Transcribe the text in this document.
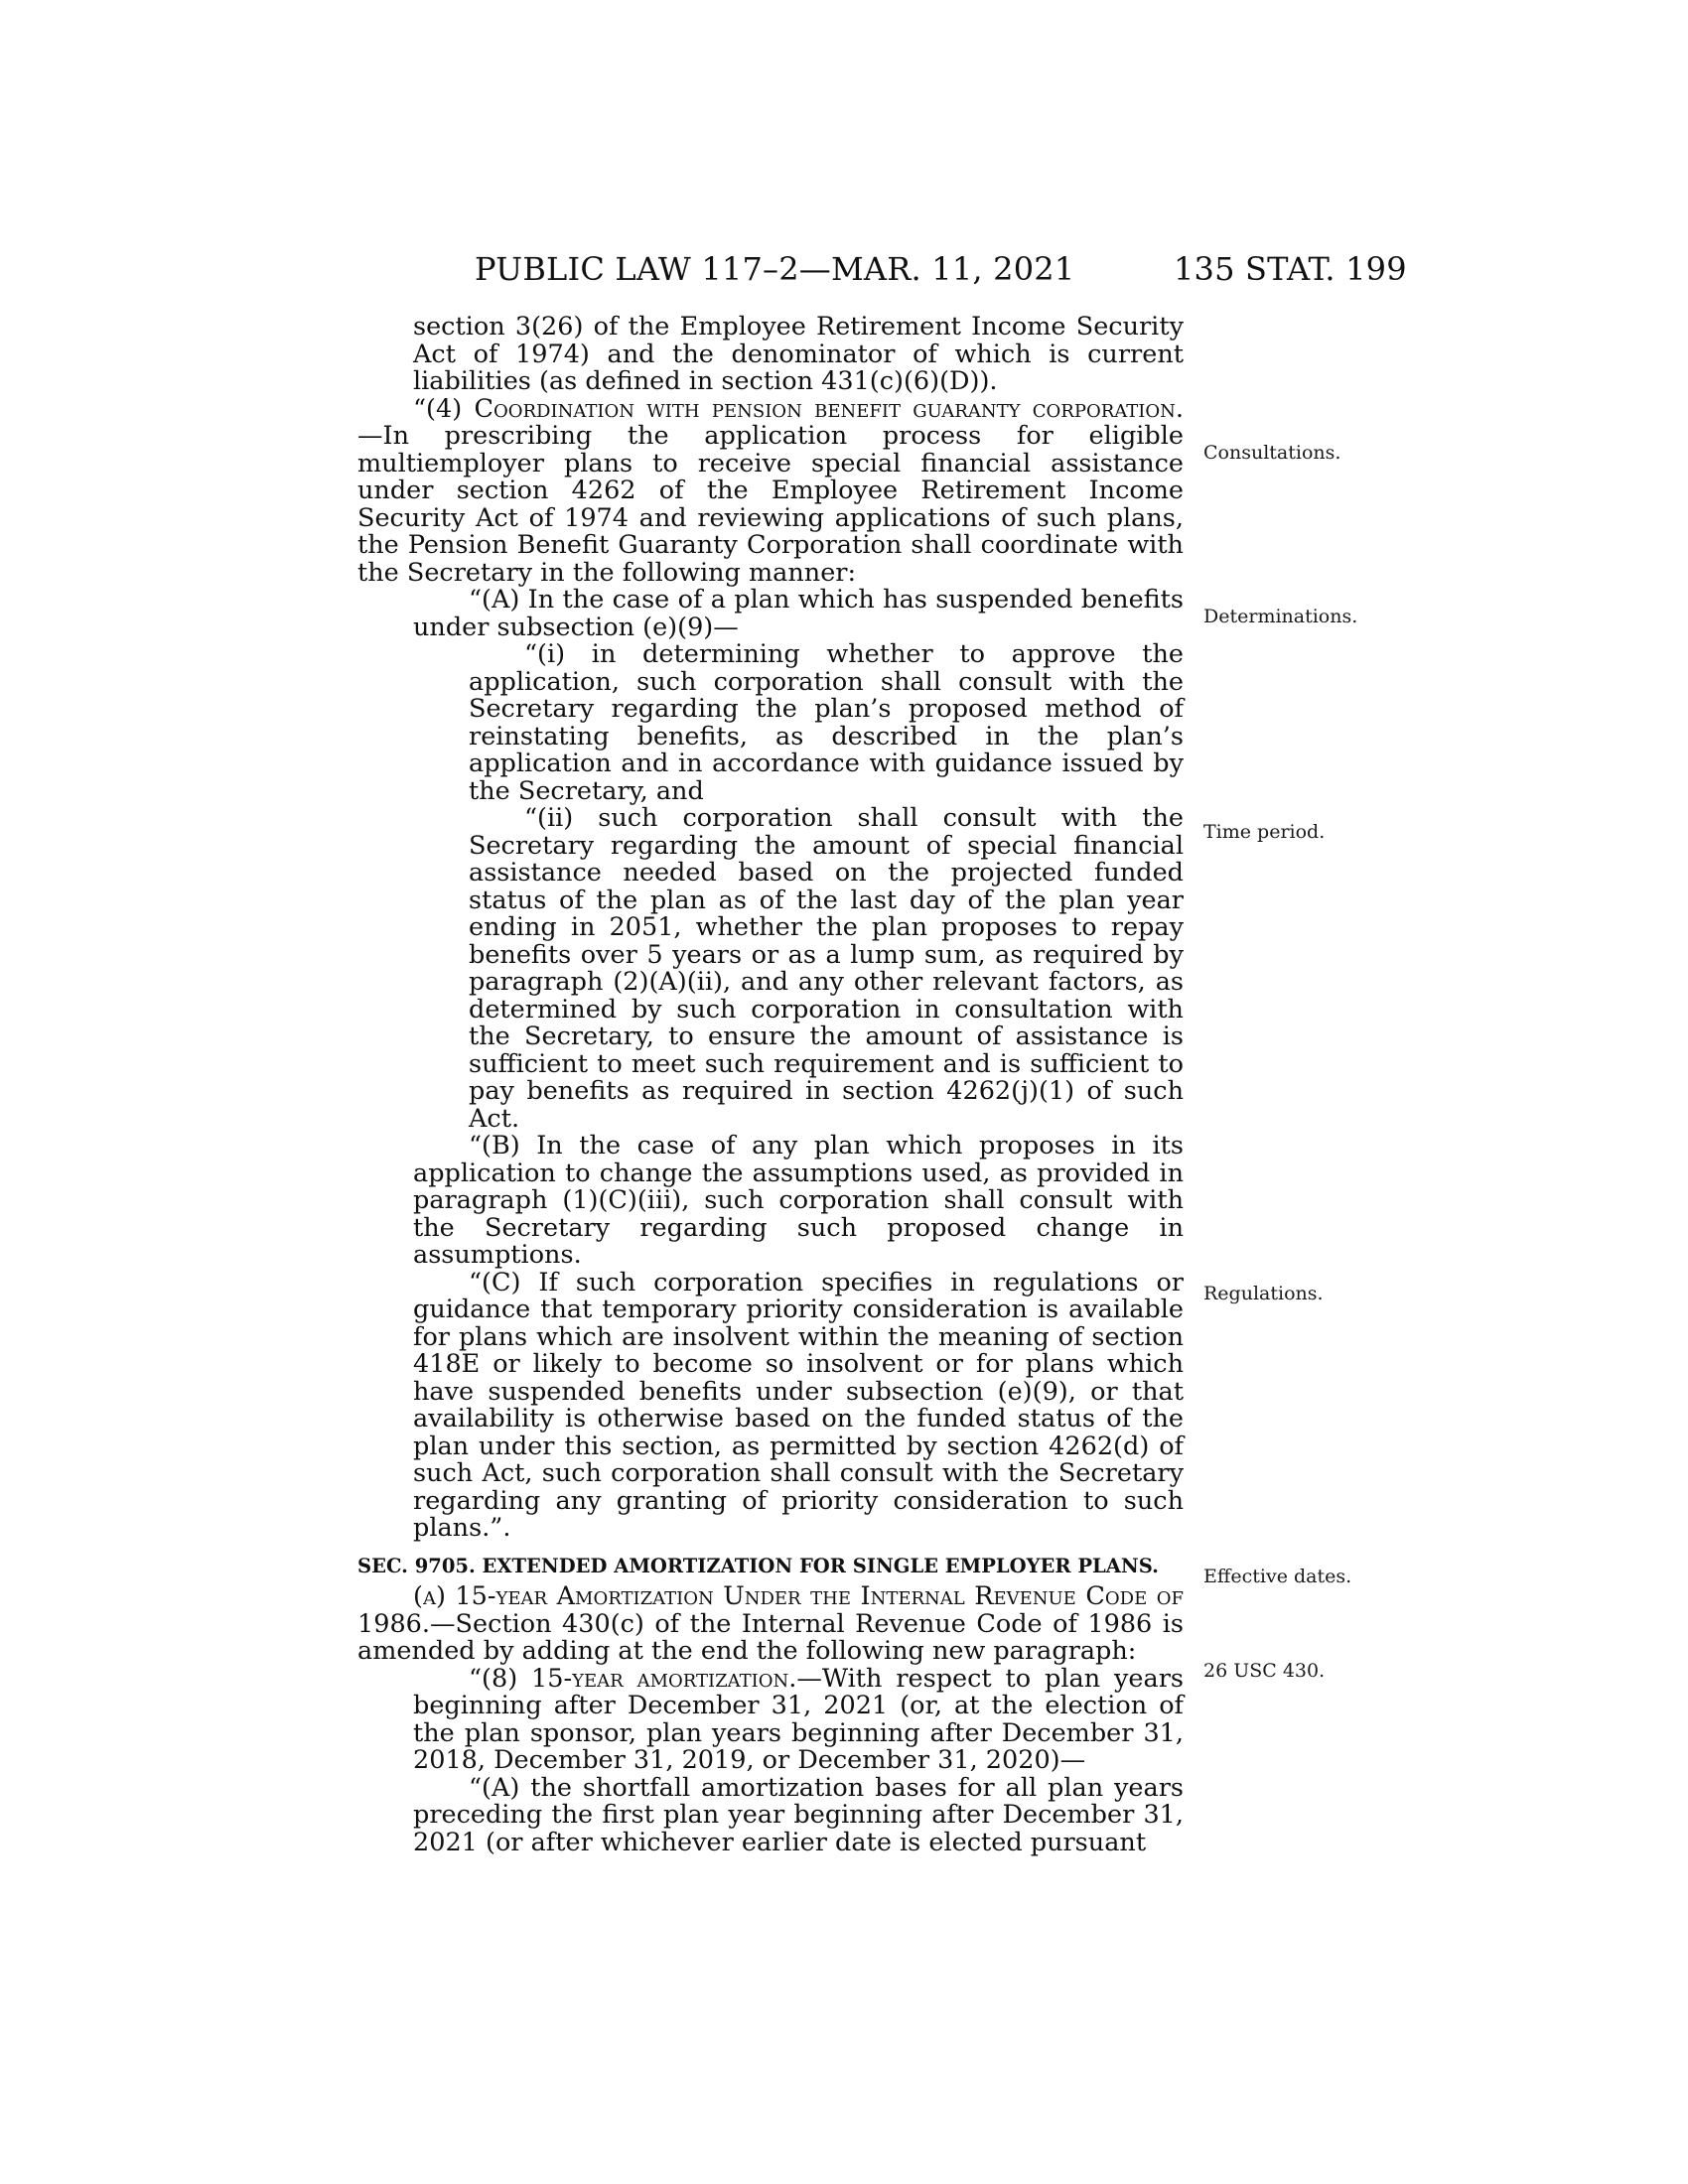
PUBLIC LAW 117–2—MAR. 11, 2021	135 STAT. 199

section 3(26) of the Employee Retirement Income Security Act of 1974) and the denominator of which is current liabilities (as defined in section 431(c)(6)(D)).

“(4) Coordination with pension benefit guaranty corporation.—In prescribing the application process for eligible multiemployer plans to receive special financial assistance under section 4262 of the Employee Retirement Income Security Act of 1974 and reviewing applications of such plans, the Pension Benefit Guaranty Corporation shall coordinate with the Secretary in the following manner:

“(A) In the case of a plan which has suspended benefits under subsection (e)(9)—

“(i) in determining whether to approve the application, such corporation shall consult with the Secretary regarding the plan’s proposed method of reinstating benefits, as described in the plan’s application and in accordance with guidance issued by the Secretary, and

“(ii) such corporation shall consult with the Secretary regarding the amount of special financial assistance needed based on the projected funded status of the plan as of the last day of the plan year ending in 2051, whether the plan proposes to repay benefits over 5 years or as a lump sum, as required by paragraph (2)(A)(ii), and any other relevant factors, as determined by such corporation in consultation with the Secretary, to ensure the amount of assistance is sufficient to meet such requirement and is sufficient to pay benefits as required in section 4262(j)(1) of such Act.

“(B) In the case of any plan which proposes in its application to change the assumptions used, as provided in paragraph (1)(C)(iii), such corporation shall consult with the Secretary regarding such proposed change in assumptions.

“(C) If such corporation specifies in regulations or guidance that temporary priority consideration is available for plans which are insolvent within the meaning of section 418E or likely to become so insolvent or for plans which have suspended benefits under subsection (e)(9), or that availability is otherwise based on the funded status of the plan under this section, as permitted by section 4262(d) of such Act, such corporation shall consult with the Secretary regarding any granting of priority consideration to such plans.”.

SEC. 9705. EXTENDED AMORTIZATION FOR SINGLE EMPLOYER PLANS.

(a) 15-year Amortization Under the Internal Revenue Code of 1986.—Section 430(c) of the Internal Revenue Code of 1986 is amended by adding at the end the following new paragraph:

“(8) 15-year amortization.—With respect to plan years beginning after December 31, 2021 (or, at the election of the plan sponsor, plan years beginning after December 31, 2018, December 31, 2019, or December 31, 2020)—

“(A) the shortfall amortization bases for all plan years preceding the first plan year beginning after December 31, 2021 (or after whichever earlier date is elected pursuant

Consultations.
Determinations.
Time period.
Regulations.
Effective dates.
26 USC 430.
